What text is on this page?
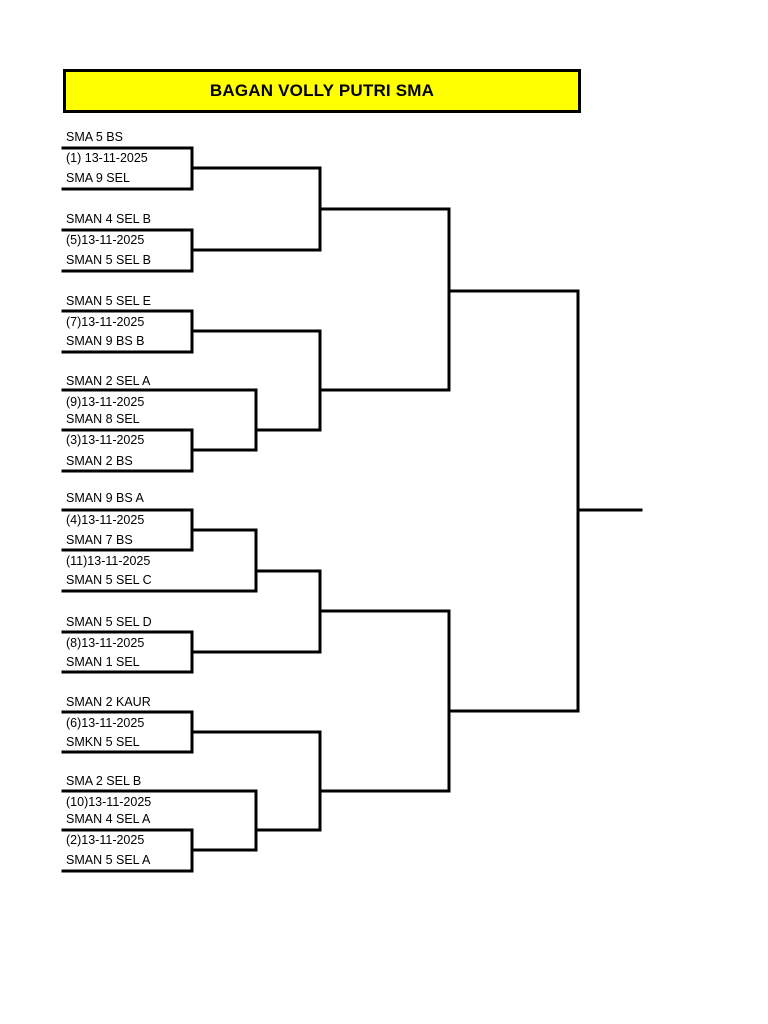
BAGAN VOLLY PUTRI SMA
SMA 5 BS
(1) 13-11-2025
SMA 9 SEL
SMAN 4 SEL B
(5)13-11-2025
SMAN 5 SEL B
SMAN 5 SEL E
(7)13-11-2025
SMAN 9 BS B
SMAN 2 SEL A
(9)13-11-2025
SMAN 8 SEL
(3)13-11-2025
SMAN 2 BS
SMAN 9 BS A
(4)13-11-2025
SMAN 7 BS
(11)13-11-2025
SMAN 5 SEL C
SMAN 5 SEL D
(8)13-11-2025
SMAN 1 SEL
SMAN 2 KAUR
(6)13-11-2025
SMKN 5 SEL
SMA 2 SEL B
(10)13-11-2025
SMAN 4 SEL A
(2)13-11-2025
SMAN 5 SEL A
